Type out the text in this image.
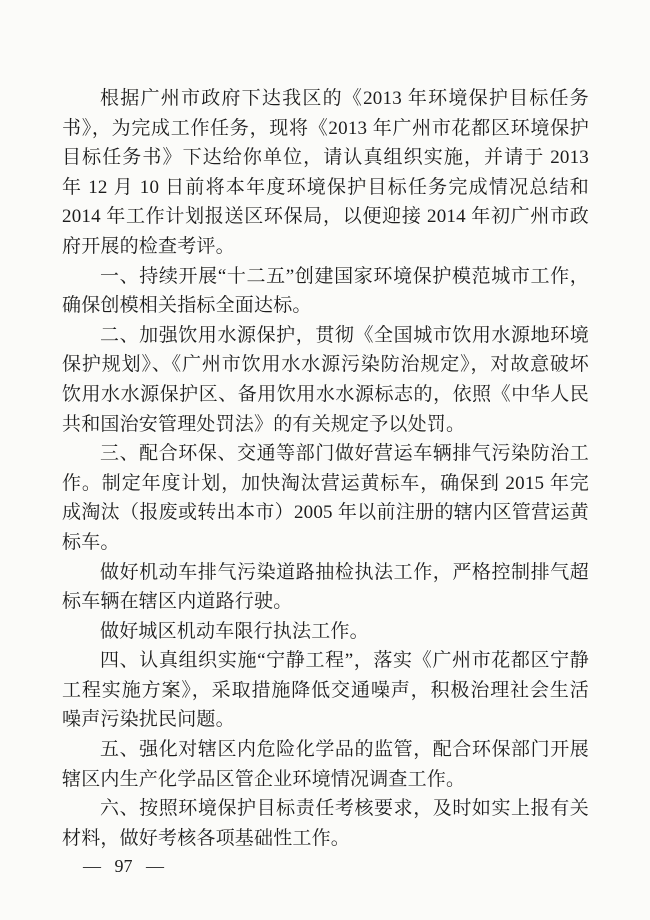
根据广州市政府下达我区的《2013 年环境保护目标任务书》，为完成工作任务，现将《2013 年广州市花都区环境保护目标任务书》下达给你单位，请认真组织实施，并请于 2013 年 12 月 10 日前将本年度环境保护目标任务完成情况总结和 2014 年工作计划报送区环保局，以便迎接 2014 年初广州市政府开展的检查考评。

一、持续开展“十二五”创建国家环境保护模范城市工作，确保创模相关指标全面达标。

二、加强饮用水源保护，贯彻《全国城市饮用水源地环境保护规划》、《广州市饮用水水源污染防治规定》，对故意破坏饮用水水源保护区、备用饮用水水源标志的，依照《中华人民共和国治安管理处罚法》的有关规定予以处罚。

三、配合环保、交通等部门做好营运车辆排气污染防治工作。制定年度计划，加快淘汰营运黄标车，确保到 2015 年完成淘汰（报废或转出本市）2005 年以前注册的辖内区管营运黄标车。

做好机动车排气污染道路抽检执法工作，严格控制排气超标车辆在辖区内道路行驶。

做好城区机动车限行执法工作。

四、认真组织实施“宁静工程”，落实《广州市花都区宁静工程实施方案》，采取措施降低交通噪声，积极治理社会生活噪声污染扰民问题。

五、强化对辖区内危险化学品的监管，配合环保部门开展辖区内生产化学品区管企业环境情况调查工作。

六、按照环境保护目标责任考核要求，及时如实上报有关材料，做好考核各项基础性工作。

— 97 —
